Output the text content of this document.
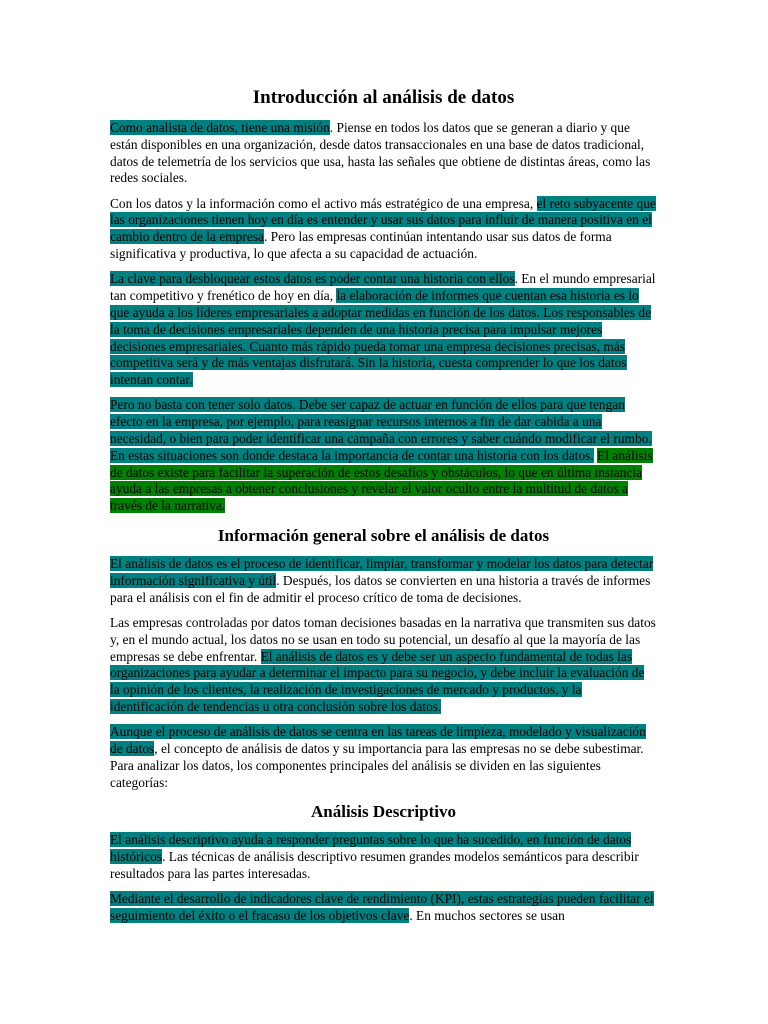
Introducción al análisis de datos

Como analista de datos, tiene una misión. Piense en todos los datos que se generan a diario y que están disponibles en una organización, desde datos transaccionales en una base de datos tradicional, datos de telemetría de los servicios que usa, hasta las señales que obtiene de distintas áreas, como las redes sociales.

Con los datos y la información como el activo más estratégico de una empresa, el reto subyacente que las organizaciones tienen hoy en día es entender y usar sus datos para influir de manera positiva en el cambio dentro de la empresa. Pero las empresas continúan intentando usar sus datos de forma significativa y productiva, lo que afecta a su capacidad de actuación.

La clave para desbloquear estos datos es poder contar una historia con ellos. En el mundo empresarial tan competitivo y frenético de hoy en día, la elaboración de informes que cuentan esa historia es lo que ayuda a los líderes empresariales a adoptar medidas en función de los datos. Los responsables de la toma de decisiones empresariales dependen de una historia precisa para impulsar mejores decisiones empresariales. Cuanto más rápido pueda tomar una empresa decisiones precisas, más competitiva será y de más ventajas disfrutará. Sin la historia, cuesta comprender lo que los datos intentan contar.

Pero no basta con tener solo datos. Debe ser capaz de actuar en función de ellos para que tengan efecto en la empresa, por ejemplo, para reasignar recursos internos a fin de dar cabida a una necesidad, o bien para poder identificar una campaña con errores y saber cuándo modificar el rumbo. En estas situaciones son donde destaca la importancia de contar una historia con los datos. El análisis de datos existe para facilitar la superación de estos desafíos y obstáculos, lo que en última instancia ayuda a las empresas a obtener conclusiones y revelar el valor oculto entre la multitud de datos a través de la narrativa.

Información general sobre el análisis de datos

El análisis de datos es el proceso de identificar, limpiar, transformar y modelar los datos para detectar información significativa y útil. Después, los datos se convierten en una historia a través de informes para el análisis con el fin de admitir el proceso crítico de toma de decisiones.

Las empresas controladas por datos toman decisiones basadas en la narrativa que transmiten sus datos y, en el mundo actual, los datos no se usan en todo su potencial, un desafío al que la mayoría de las empresas se debe enfrentar. El análisis de datos es y debe ser un aspecto fundamental de todas las organizaciones para ayudar a determinar el impacto para su negocio, y debe incluir la evaluación de la opinión de los clientes, la realización de investigaciones de mercado y productos, y la identificación de tendencias u otra conclusión sobre los datos.

Aunque el proceso de análisis de datos se centra en las tareas de limpieza, modelado y visualización de datos, el concepto de análisis de datos y su importancia para las empresas no se debe subestimar. Para analizar los datos, los componentes principales del análisis se dividen en las siguientes categorías:

Análisis Descriptivo

El análisis descriptivo ayuda a responder preguntas sobre lo que ha sucedido, en función de datos históricos. Las técnicas de análisis descriptivo resumen grandes modelos semánticos para describir resultados para las partes interesadas.

Mediante el desarrollo de indicadores clave de rendimiento (KPI), estas estrategias pueden facilitar el seguimiento del éxito o el fracaso de los objetivos clave. En muchos sectores se usan
